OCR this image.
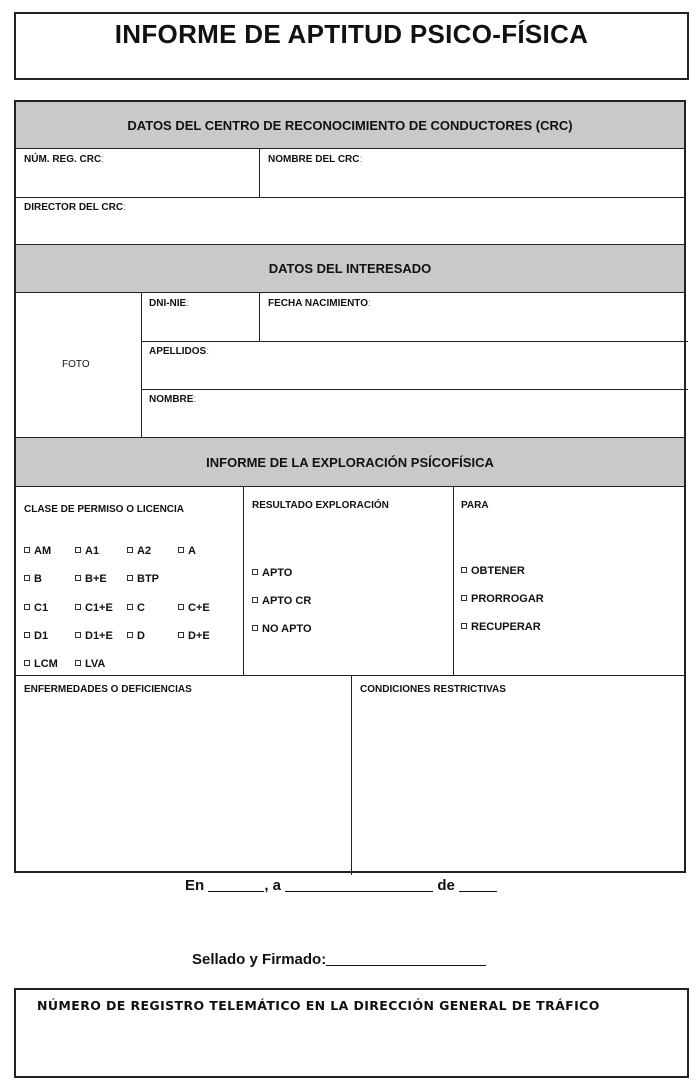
INFORME DE APTITUD PSICO-FÍSICA
DATOS DEL CENTRO DE RECONOCIMIENTO DE CONDUCTORES (CRC)
NÚM. REG. CRC:	NOMBRE DEL CRC:
DIRECTOR DEL CRC:
DATOS DEL INTERESADO
FOTO
DNI-NIE:	FECHA NACIMIENTO:
APELLIDOS:
NOMBRE:
INFORME DE LA EXPLORACIÓN PSÍCOFÍSICA
CLASE DE PERMISO O LICENCIA	RESULTADO EXPLORACIÓN	PARA
AM	A1	A2	A
B	B+E	BTP
C1	C1+E	C	C+E
D1	D1+E	D	D+E
LCM	LVA
APTO
APTO CR
NO APTO
OBTENER
PRORROGAR
RECUPERAR
ENFERMEDADES O DEFICIENCIAS	CONDICIONES RESTRICTIVAS
En	, a	de
Sellado y Firmado:
NÚMERO DE REGISTRO TELEMÁTICO EN LA DIRECCIÓN GENERAL DE TRÁFICO
